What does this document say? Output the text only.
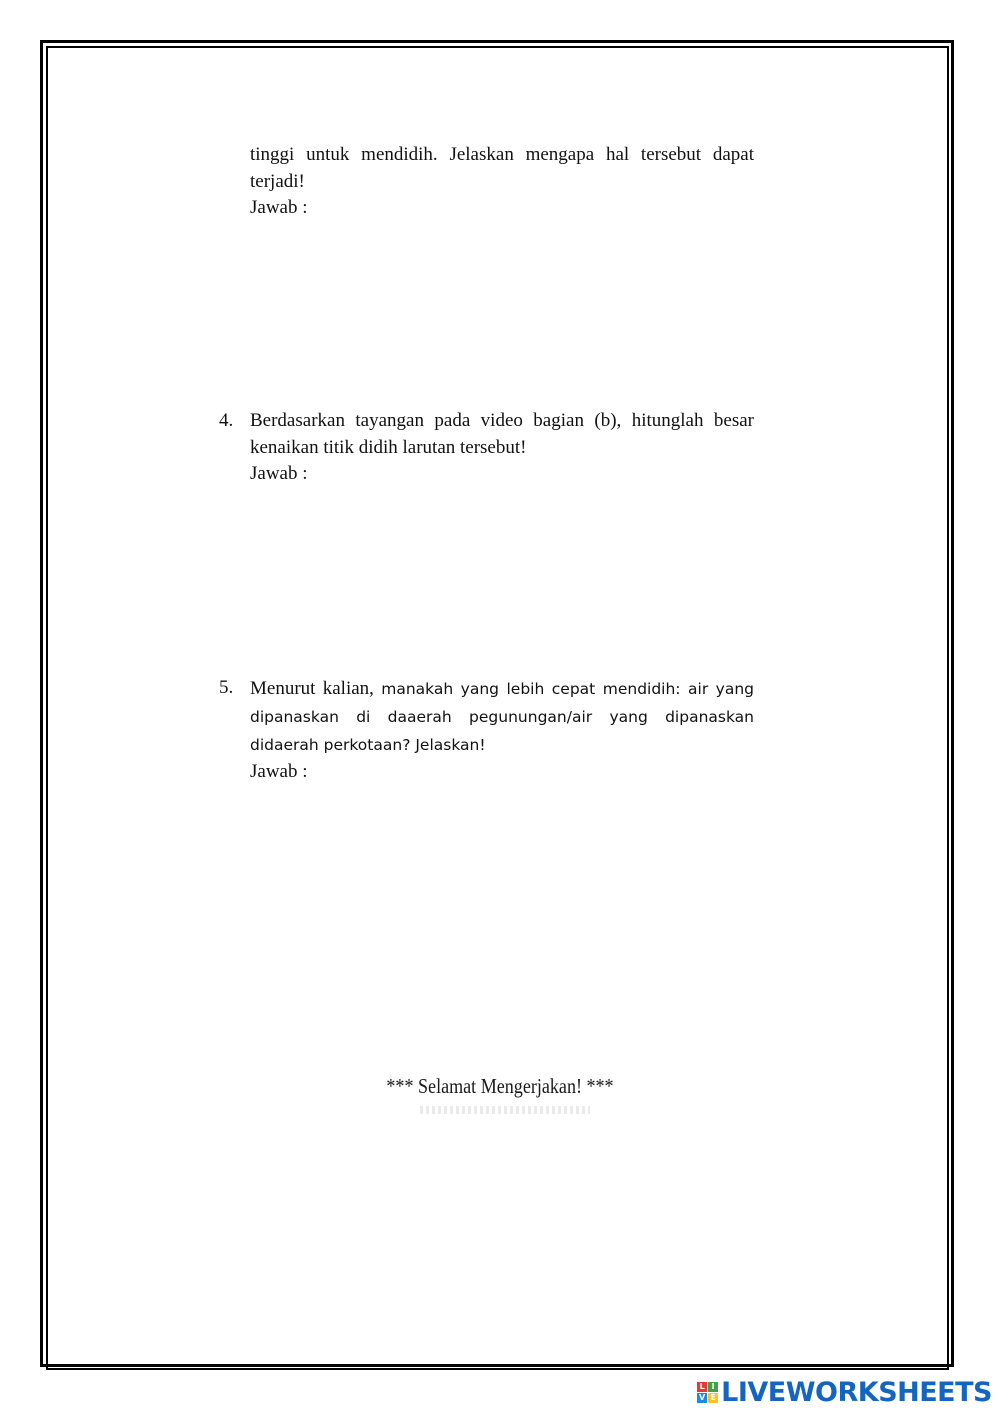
tinggi untuk mendidih. Jelaskan mengapa hal tersebut dapat
terjadi!
Jawab :
4. Berdasarkan tayangan pada video bagian (b), hitunglah besar kenaikan titik didih larutan tersebut!
Jawab :
5. Menurut kalian, manakah yang lebih cepat mendidih: air yang dipanaskan di daaerah pegunungan/air yang dipanaskan didaerah perkotaan? Jelaskan!
Jawab :
*** Selamat Mengerjakan! ***
L I
V E LIVEWORKSHEETS
